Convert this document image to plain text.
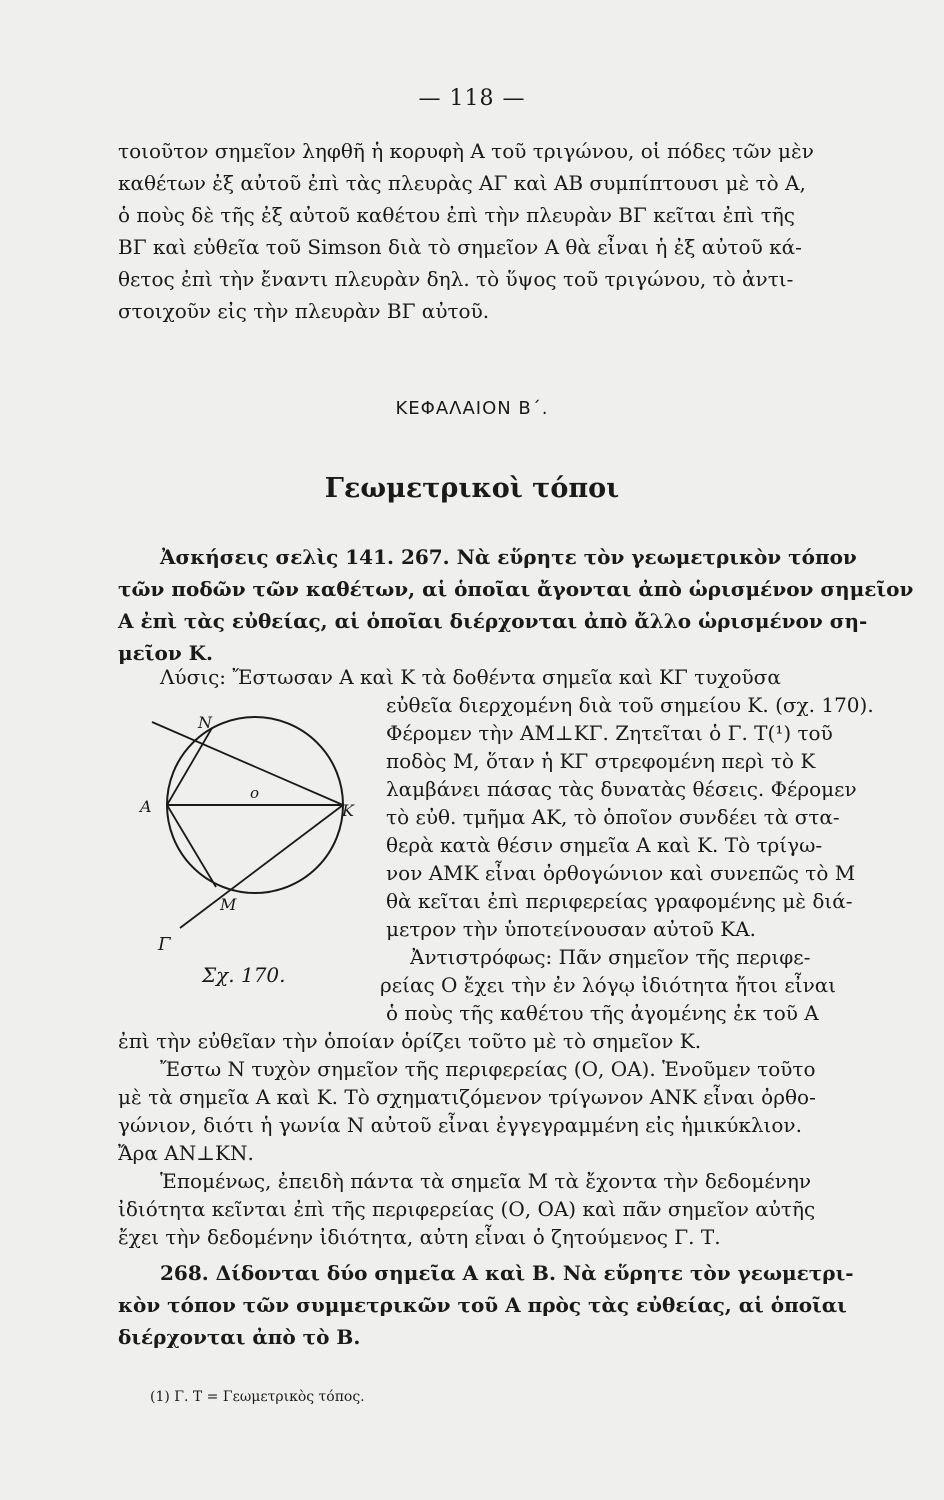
— 118 —
τοιοῦτον σημεῖον ληφθῆ ἡ κορυφὴ Α τοῦ τριγώνου, οἱ πόδες τῶν μὲν
καθέτων ἐξ αὐτοῦ ἐπὶ τὰς πλευρὰς ΑΓ καὶ ΑΒ συμπίπτουσι μὲ τὸ Α,
ὁ ποὺς δὲ τῆς ἐξ αὐτοῦ καθέτου ἐπὶ τὴν πλευρὰν ΒΓ κεῖται ἐπὶ τῆς
ΒΓ καὶ εὐθεῖα τοῦ Simson διὰ τὸ σημεῖον Α θὰ εἶναι ἡ ἐξ αὐτοῦ κά-
θετος ἐπὶ τὴν ἔναντι πλευρὰν δηλ. τὸ ὕψος τοῦ τριγώνου, τὸ ἀντι-
στοιχοῦν εἰς τὴν πλευρὰν ΒΓ αὐτοῦ.
ΚΕΦΑΛΑΙΟΝ Β΄.
Γεωμετρικοὶ τόποι
Ἀσκήσεις σελὶς 141. 267. Νὰ εὕρητε τὸν γεωμετρικὸν τόπον
τῶν ποδῶν τῶν καθέτων, αἱ ὁποῖαι ἄγονται ἀπὸ ὡρισμένον σημεῖον
Α ἐπὶ τὰς εὐθείας, αἱ ὁποῖαι διέρχονται ἀπὸ ἄλλο ὡρισμένον ση-
μεῖον Κ.
Ν
Α
ο
Κ
Μ
Γ
Σχ. 170.
Λύσις: Ἔστωσαν Α καὶ Κ τὰ δοθέντα σημεῖα καὶ ΚΓ τυχοῦσα
εὐθεῖα διερχομένη διὰ τοῦ σημείου Κ. (σχ. 170).
Φέρομεν τὴν ΑΜ⊥ΚΓ. Ζητεῖται ὁ Γ. Τ(¹) τοῦ
ποδὸς Μ, ὅταν ἡ ΚΓ στρεφομένη περὶ τὸ Κ
λαμβάνει πάσας τὰς δυνατὰς θέσεις. Φέρομεν
τὸ εὐθ. τμῆμα ΑΚ, τὸ ὁποῖον συνδέει τὰ στα-
θερὰ κατὰ θέσιν σημεῖα Α καὶ Κ. Τὸ τρίγω-
νον ΑΜΚ εἶναι ὀρθογώνιον καὶ συνεπῶς τὸ Μ
θὰ κεῖται ἐπὶ περιφερείας γραφομένης μὲ διά-
μετρον τὴν ὑποτείνουσαν αὐτοῦ ΚΑ.
Ἀντιστρόφως: Πᾶν σημεῖον τῆς περιφε-
ρείας Ο ἔχει τὴν ἐν λόγῳ ἰδιότητα ἤτοι εἶναι
ὁ ποὺς τῆς καθέτου τῆς ἀγομένης ἐκ τοῦ Α
ἐπὶ τὴν εὐθεῖαν τὴν ὁποίαν ὁρίζει τοῦτο μὲ τὸ σημεῖον Κ.
Ἔστω Ν τυχὸν σημεῖον τῆς περιφερείας (Ο, ΟΑ). Ἑνοῦμεν τοῦτο
μὲ τὰ σημεῖα Α καὶ Κ. Τὸ σχηματιζόμενον τρίγωνον ΑΝΚ εἶναι ὀρθο-
γώνιον, διότι ἡ γωνία Ν αὐτοῦ εἶναι ἐγγεγραμμένη εἰς ἡμικύκλιον.
Ἄρα ΑΝ⊥ΚΝ.
Ἑπομένως, ἐπειδὴ πάντα τὰ σημεῖα Μ τὰ ἔχοντα τὴν δεδομένην
ἰδιότητα κεῖνται ἐπὶ τῆς περιφερείας (Ο, ΟΑ) καὶ πᾶν σημεῖον αὐτῆς
ἔχει τὴν δεδομένην ἰδιότητα, αὐτη εἶναι ὁ ζητούμενος Γ. Τ.
268. Δίδονται δύο σημεῖα Α καὶ Β. Νὰ εὕρητε τὸν γεωμετρι-
κὸν τόπον τῶν συμμετρικῶν τοῦ Α πρὸς τὰς εὐθείας, αἱ ὁποῖαι
διέρχονται ἀπὸ τὸ Β.
(1) Γ. Τ = Γεωμετρικὸς τόπος.
